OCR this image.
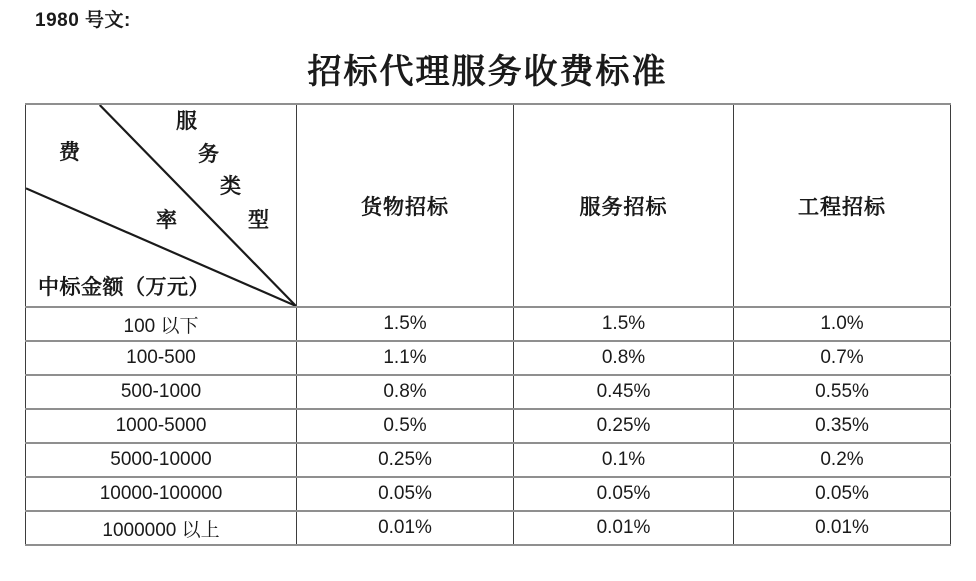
1980 号文:
招标代理服务收费标准
服
费	务
类
率	型
中标金额（万元）
	货物招标	服务招标	工程招标
100 以下	1.5%	1.5%	1.0%
100-500	1.1%	0.8%	0.7%
500-1000	0.8%	0.45%	0.55%
1000-5000	0.5%	0.25%	0.35%
5000-10000	0.25%	0.1%	0.2%
10000-100000	0.05%	0.05%	0.05%
1000000 以上	0.01%	0.01%	0.01%
